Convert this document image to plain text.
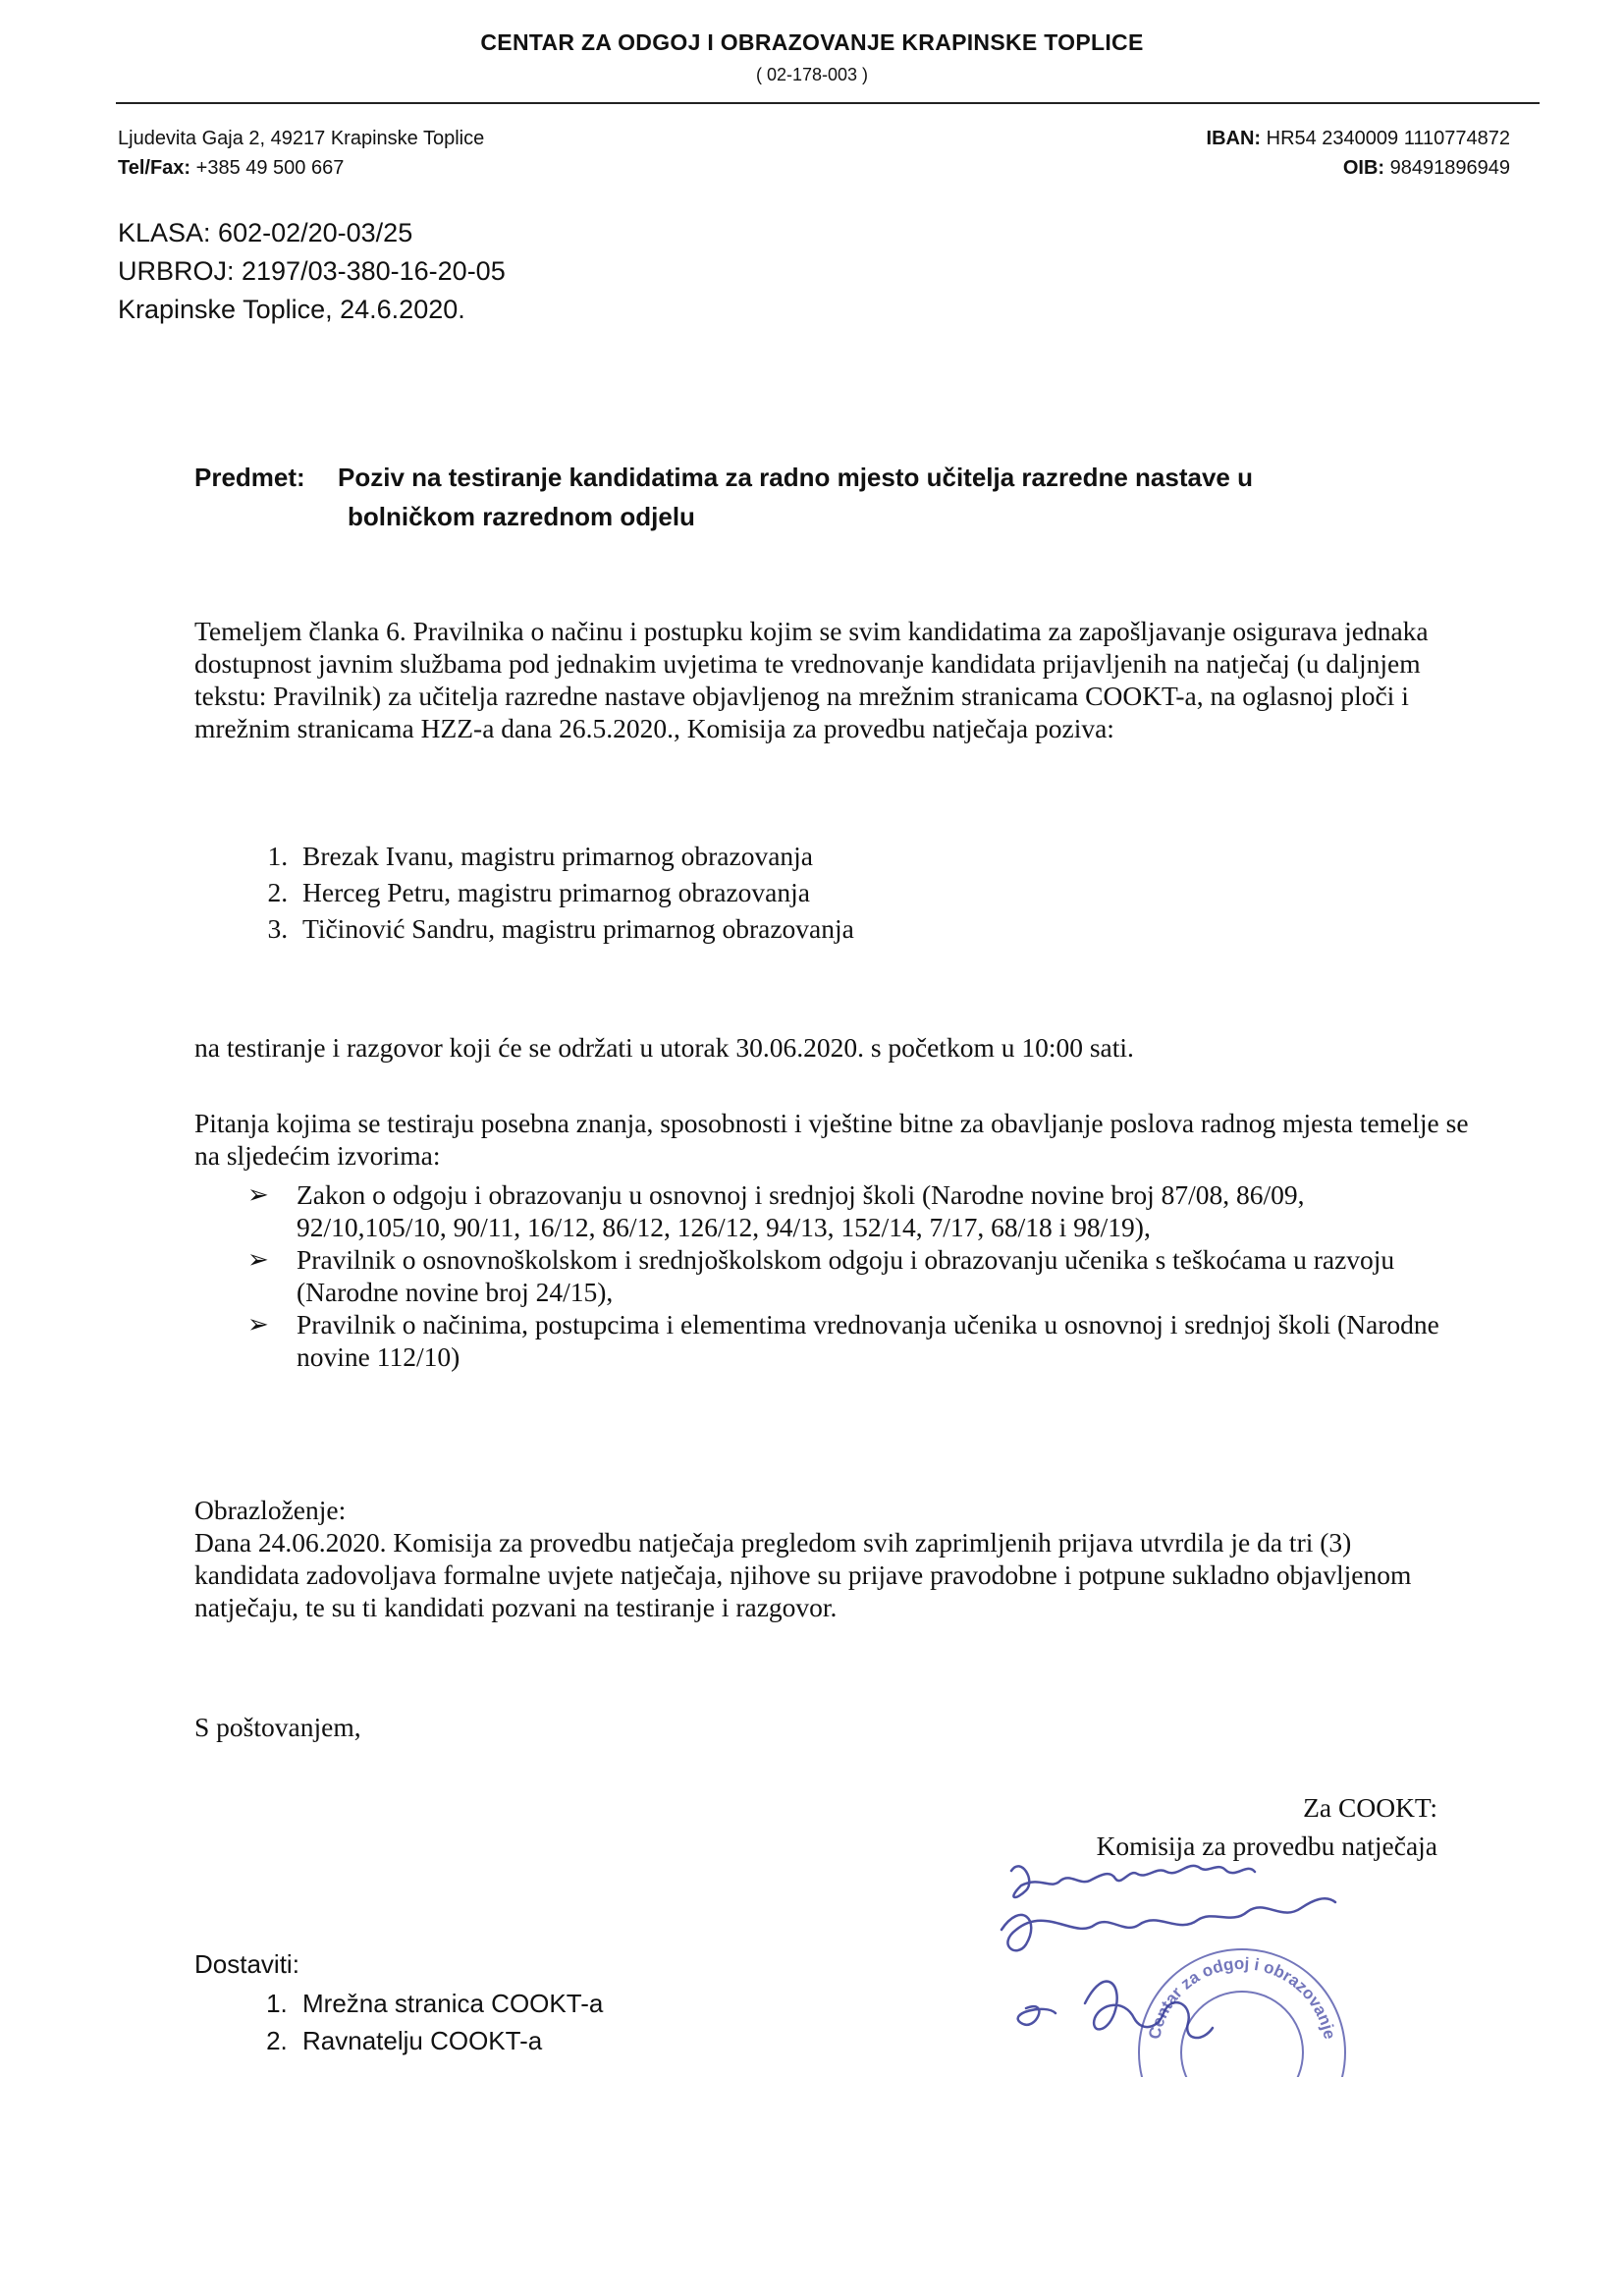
CENTAR ZA ODGOJ I OBRAZOVANJE KRAPINSKE TOPLICE
( 02-178-003 )
Ljudevita Gaja 2, 49217 Krapinske Toplice
Tel/Fax: +385 49 500 667
IBAN: HR54 2340009 1110774872
OIB: 98491896949
KLASA: 602-02/20-03/25
URBROJ: 2197/03-380-16-20-05
Krapinske Toplice, 24.6.2020.
Predmet: Poziv na testiranje kandidatima za radno mjesto učitelja razredne nastave u
bolničkom razrednom odjelu
Temeljem članka 6. Pravilnika o načinu i postupku kojim se svim kandidatima za zapošljavanje osigurava jednaka dostupnost javnim službama pod jednakim uvjetima te vrednovanje kandidata prijavljenih na natječaj (u daljnjem tekstu: Pravilnik) za učitelja razredne nastave objavljenog na mrežnim stranicama COOKT-a, na oglasnoj ploči i mrežnim stranicama HZZ-a dana 26.5.2020., Komisija za provedbu natječaja poziva:
1. Brezak Ivanu, magistru primarnog obrazovanja
2. Herceg Petru, magistru primarnog obrazovanja
3. Tičinović Sandru, magistru primarnog obrazovanja
na testiranje i razgovor koji će se održati u utorak 30.06.2020. s početkom u 10:00 sati.
Pitanja kojima se testiraju posebna znanja, sposobnosti i vještine bitne za obavljanje poslova radnog mjesta temelje se na sljedećim izvorima:
➢ Zakon o odgoju i obrazovanju u osnovnoj i srednjoj školi (Narodne novine broj 87/08, 86/09, 92/10,105/10, 90/11, 16/12, 86/12, 126/12, 94/13, 152/14, 7/17, 68/18 i 98/19),
➢ Pravilnik o osnovnoškolskom i srednjoškolskom odgoju i obrazovanju učenika s teškoćama u razvoju (Narodne novine broj 24/15),
➢ Pravilnik o načinima, postupcima i elementima vrednovanja učenika u osnovnoj i srednjoj školi (Narodne novine 112/10)
Obrazloženje:
Dana 24.06.2020. Komisija za provedbu natječaja pregledom svih zaprimljenih prijava utvrdila je da tri (3) kandidata zadovoljava formalne uvjete natječaja, njihove su prijave pravodobne i potpune sukladno objavljenom natječaju, te su ti kandidati pozvani na testiranje i razgovor.
S poštovanjem,
Za COOKT:
Komisija za provedbu natječaja
Centar za odgoj i obrazovanje
Dostaviti:
1. Mrežna stranica COOKT-a
2. Ravnatelju COOKT-a
